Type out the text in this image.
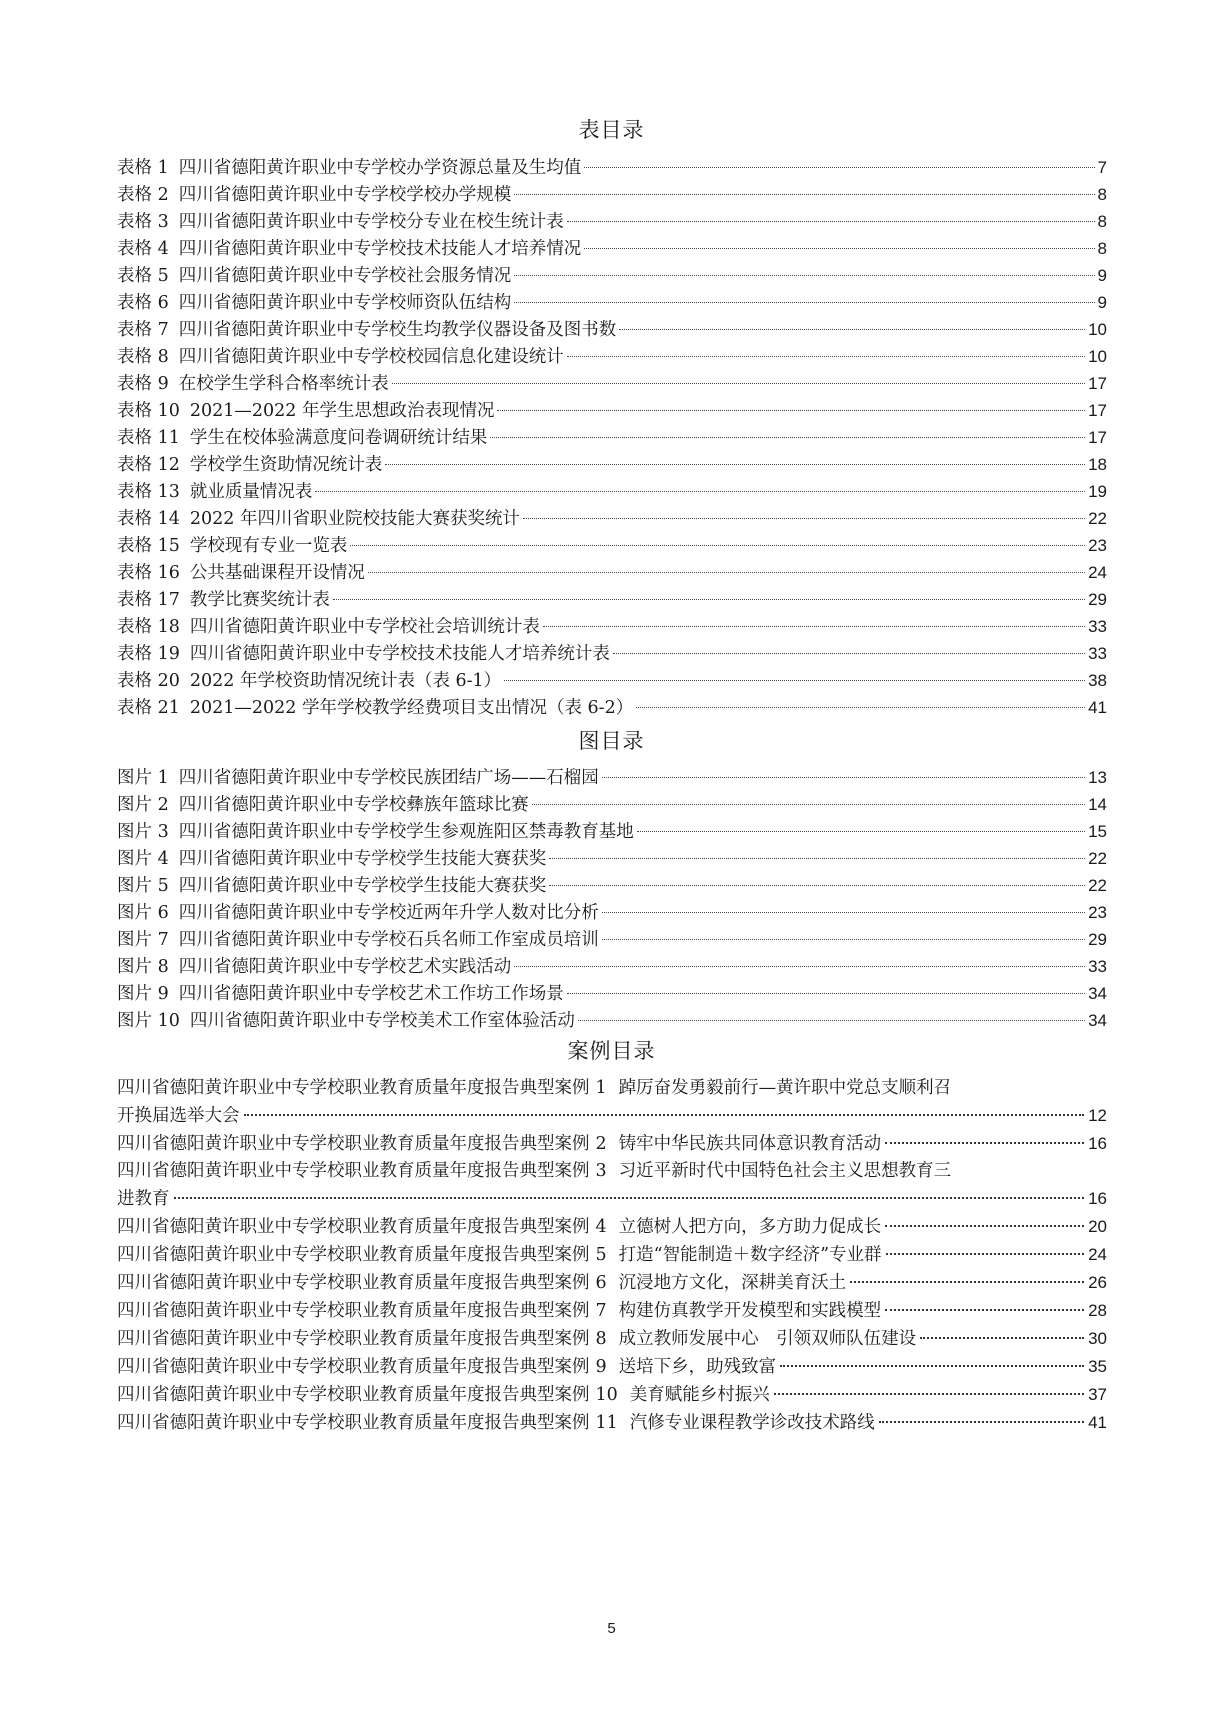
表目录
表格 1 四川省德阳黄许职业中专学校办学资源总量及生均值	7
表格 2 四川省德阳黄许职业中专学校学校办学规模	8
表格 3 四川省德阳黄许职业中专学校分专业在校生统计表	8
表格 4 四川省德阳黄许职业中专学校技术技能人才培养情况	8
表格 5 四川省德阳黄许职业中专学校社会服务情况	9
表格 6 四川省德阳黄许职业中专学校师资队伍结构	9
表格 7 四川省德阳黄许职业中专学校生均教学仪器设备及图书数	10
表格 8 四川省德阳黄许职业中专学校校园信息化建设统计	10
表格 9 在校学生学科合格率统计表	17
表格 10 2021—2022 年学生思想政治表现情况	17
表格 11 学生在校体验满意度问卷调研统计结果	17
表格 12 学校学生资助情况统计表	18
表格 13 就业质量情况表	19
表格 14 2022 年四川省职业院校技能大赛获奖统计	22
表格 15 学校现有专业一览表	23
表格 16 公共基础课程开设情况	24
表格 17 教学比赛奖统计表	29
表格 18 四川省德阳黄许职业中专学校社会培训统计表	33
表格 19 四川省德阳黄许职业中专学校技术技能人才培养统计表	33
表格 20 2022 年学校资助情况统计表（表 6-1）	38
表格 21 2021—2022 学年学校教学经费项目支出情况（表 6-2）	41
图目录
图片 1 四川省德阳黄许职业中专学校民族团结广场——石榴园	13
图片 2 四川省德阳黄许职业中专学校彝族年篮球比赛	14
图片 3 四川省德阳黄许职业中专学校学生参观旌阳区禁毒教育基地	15
图片 4 四川省德阳黄许职业中专学校学生技能大赛获奖	22
图片 5 四川省德阳黄许职业中专学校学生技能大赛获奖	22
图片 6 四川省德阳黄许职业中专学校近两年升学人数对比分析	23
图片 7 四川省德阳黄许职业中专学校石兵名师工作室成员培训	29
图片 8 四川省德阳黄许职业中专学校艺术实践活动	33
图片 9 四川省德阳黄许职业中专学校艺术工作坊工作场景	34
图片 10 四川省德阳黄许职业中专学校美术工作室体验活动	34
案例目录
四川省德阳黄许职业中专学校职业教育质量年度报告典型案例 1 踔厉奋发勇毅前行—黄许职中党总支顺利召
开换届选举大会	12
四川省德阳黄许职业中专学校职业教育质量年度报告典型案例 2 铸牢中华民族共同体意识教育活动	16
四川省德阳黄许职业中专学校职业教育质量年度报告典型案例 3 习近平新时代中国特色社会主义思想教育三
进教育	16
四川省德阳黄许职业中专学校职业教育质量年度报告典型案例 4 立德树人把方向，多方助力促成长	20
四川省德阳黄许职业中专学校职业教育质量年度报告典型案例 5 打造“智能制造＋数字经济”专业群	24
四川省德阳黄许职业中专学校职业教育质量年度报告典型案例 6 沉浸地方文化，深耕美育沃土	26
四川省德阳黄许职业中专学校职业教育质量年度报告典型案例 7 构建仿真教学开发模型和实践模型	28
四川省德阳黄许职业中专学校职业教育质量年度报告典型案例 8 成立教师发展中心　引领双师队伍建设	30
四川省德阳黄许职业中专学校职业教育质量年度报告典型案例 9 送培下乡，助残致富	35
四川省德阳黄许职业中专学校职业教育质量年度报告典型案例 10 美育赋能乡村振兴	37
四川省德阳黄许职业中专学校职业教育质量年度报告典型案例 11 汽修专业课程教学诊改技术路线	41
5
